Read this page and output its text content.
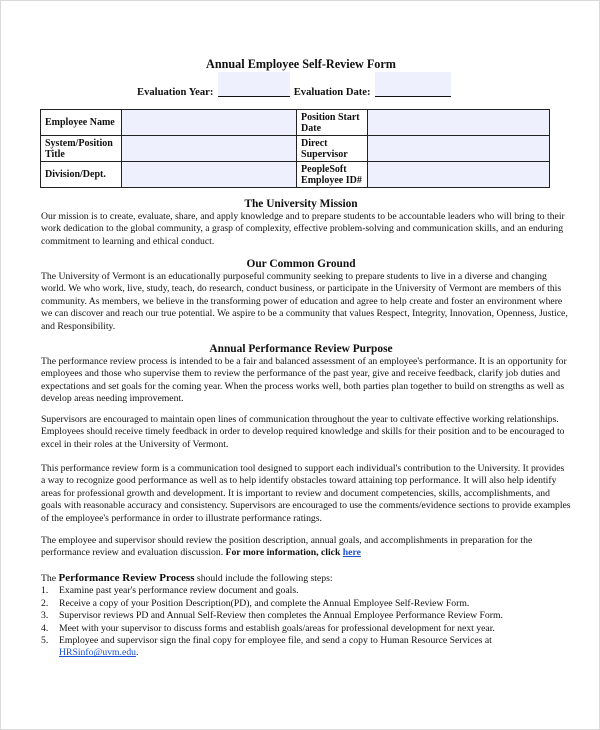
Annual Employee Self-Review Form
Evaluation Year:	Evaluation Date:
Employee Name		Position Start Date	
System/Position Title		Direct Supervisor	
Division/Dept.		PeopleSoft Employee ID#	
The University Mission
Our mission is to create, evaluate, share, and apply knowledge and to prepare students to be accountable leaders who will bring to their work dedication to the global community, a grasp of complexity, effective problem-solving and communication skills, and an enduring commitment to learning and ethical conduct.
Our Common Ground
The University of Vermont is an educationally purposeful community seeking to prepare students to live in a diverse and changing world. We who work, live, study, teach, do research, conduct business, or participate in the University of Vermont are members of this community. As members, we believe in the transforming power of education and agree to help create and foster an environment where we can discover and reach our true potential. We aspire to be a community that values Respect, Integrity, Innovation, Openness, Justice, and Responsibility.
Annual Performance Review Purpose
The performance review process is intended to be a fair and balanced assessment of an employee's performance. It is an opportunity for employees and those who supervise them to review the performance of the past year, give and receive feedback, clarify job duties and expectations and set goals for the coming year. When the process works well, both parties plan together to build on strengths as well as develop areas needing improvement.
Supervisors are encouraged to maintain open lines of communication throughout the year to cultivate effective working relationships. Employees should receive timely feedback in order to develop required knowledge and skills for their position and to be encouraged to excel in their roles at the University of Vermont.
This performance review form is a communication tool designed to support each individual's contribution to the University. It provides a way to recognize good performance as well as to help identify obstacles toward attaining top performance. It will also help identify areas for professional growth and development. It is important to review and document competencies, skills, accomplishments, and goals with reasonable accuracy and consistency. Supervisors are encouraged to use the comments/evidence sections to provide examples of the employee's performance in order to illustrate performance ratings.
The employee and supervisor should review the position description, annual goals, and accomplishments in preparation for the performance review and evaluation discussion. For more information, click here
The Performance Review Process should include the following steps:
1. Examine past year's performance review document and goals.
2. Receive a copy of your Position Description(PD), and complete the Annual Employee Self-Review Form.
3. Supervisor reviews PD and Annual Self-Review then completes the Annual Employee Performance Review Form.
4. Meet with your supervisor to discuss forms and establish goals/areas for professional development for next year.
5. Employee and supervisor sign the final copy for employee file, and send a copy to Human Resource Services at
HRSinfo@uvm.edu.
